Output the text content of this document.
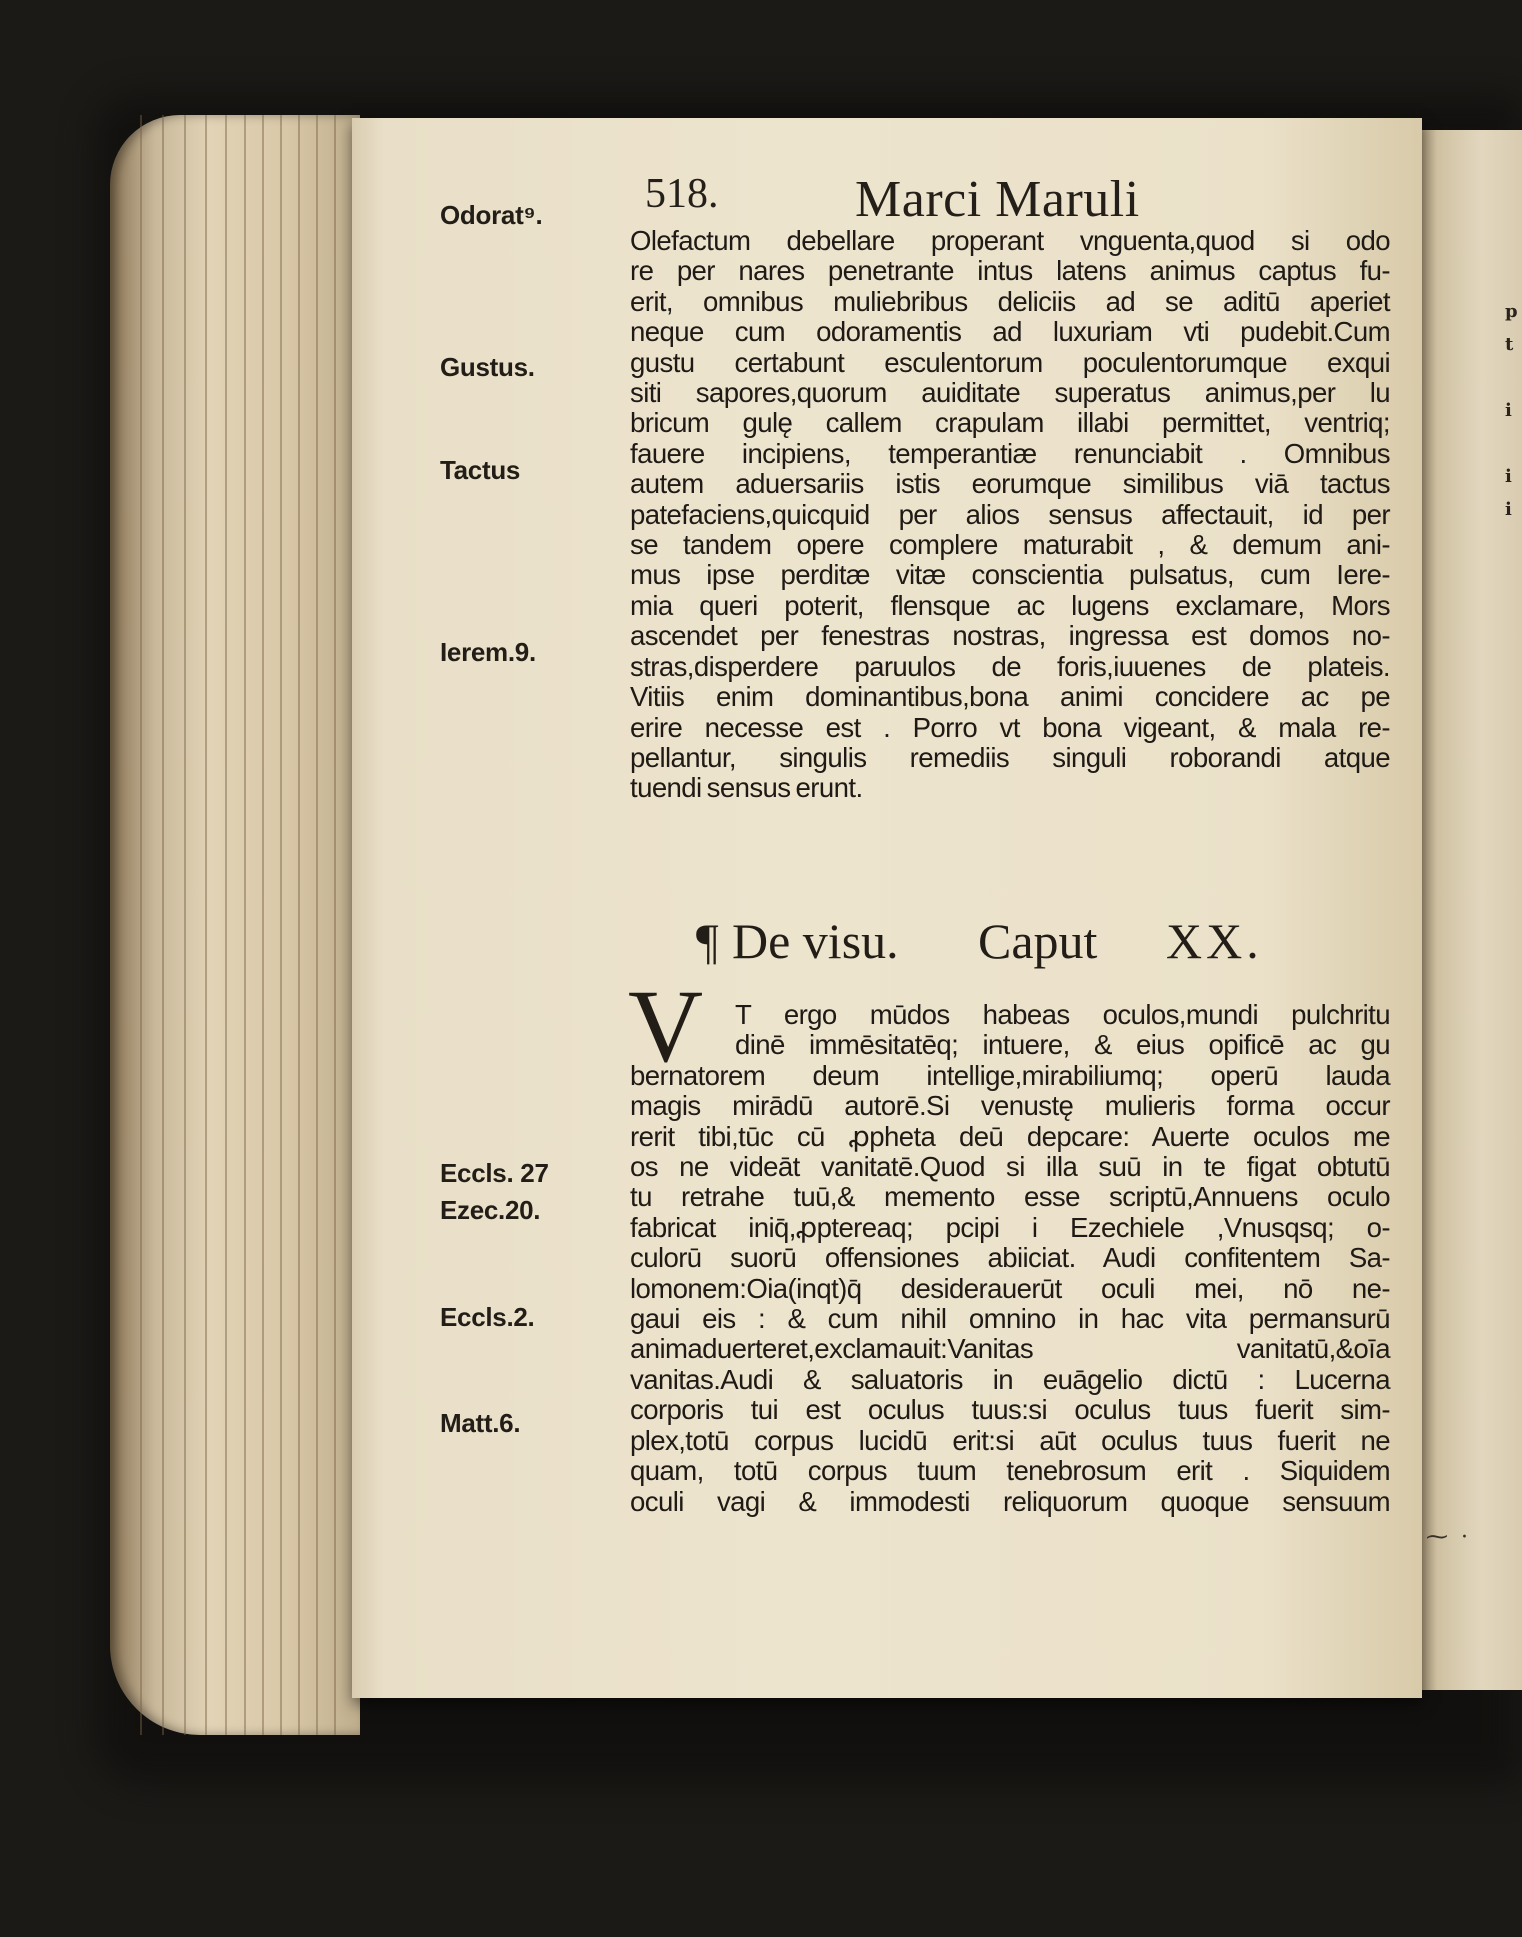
p
t

i

i
i
⁓ ·
518.	Marci Maruli
Odorat⁹.
Gustus.
Tactus
Ierem.9.
Eccls. 27
Ezec.20.
Eccls.2.
Matt.6.
Olefactum debellare properant vnguenta,quod si odo
re per nares penetrante intus latens animus captus fu-
erit, omnibus muliebribus deliciis ad se aditū aperiet
neque cum odoramentis ad luxuriam vti pudebit.Cum
gustu certabunt esculentorum poculentorumque exqui
siti sapores,quorum auiditate superatus animus,per lu
bricum gulę callem crapulam illabi permittet, ventriq;
fauere incipiens, temperantiæ renunciabit . Omnibus
autem aduersariis istis eorumque similibus viā tactus
patefaciens,quicquid per alios sensus affectauit, id per
se tandem opere complere maturabit , & demum ani-
mus ipse perditæ vitæ conscientia pulsatus, cum Iere-
mia queri poterit, flensque ac lugens exclamare, Mors
ascendet per fenestras nostras, ingressa est domos no-
stras,disperdere paruulos de foris,iuuenes de plateis.
Vitiis enim dominantibus,bona animi concidere ac pe
erire necesse est . Porro vt bona vigeant, & mala re-
pellantur, singulis remediis singuli roborandi atque
tuendi sensus erunt.
¶ De visu. Caput XX.
V	T ergo mūdos habeas oculos,mundi pulchritu
dinē immēsitatēq; intuere, & eius opificē ac gu
bernatorem deum intellige,mirabiliumq; operū lauda
magis mirādū autorē.Si venustę mulieris forma occur
rerit tibi,tūc cū ꝓpheta deū depcare: Auerte oculos me
os ne videāt vanitatē.Quod si illa suū in te figat obtutū
tu retrahe tuū,& memento esse scriptū,Annuens oculo
fabricat iniq̄,ꝓptereaq; pcipi i Ezechiele ,Vnusqsq; o-
culorū suorū offensiones abiiciat. Audi confitentem Sa-
lomonem:Oia(inqt)q̄ desiderauerūt oculi mei, nō ne-
gaui eis : & cum nihil omnino in hac vita permansurū
animaduerteret,exclamauit:Vanitas vanitatū,&oīa
vanitas.Audi & saluatoris in euāgelio dictū : Lucerna
corporis tui est oculus tuus:si oculus tuus fuerit sim-
plex,totū corpus lucidū erit:si aūt oculus tuus fuerit ne
quam, totū corpus tuum tenebrosum erit . Siquidem
oculi vagi & immodesti reliquorum quoque sensuum
